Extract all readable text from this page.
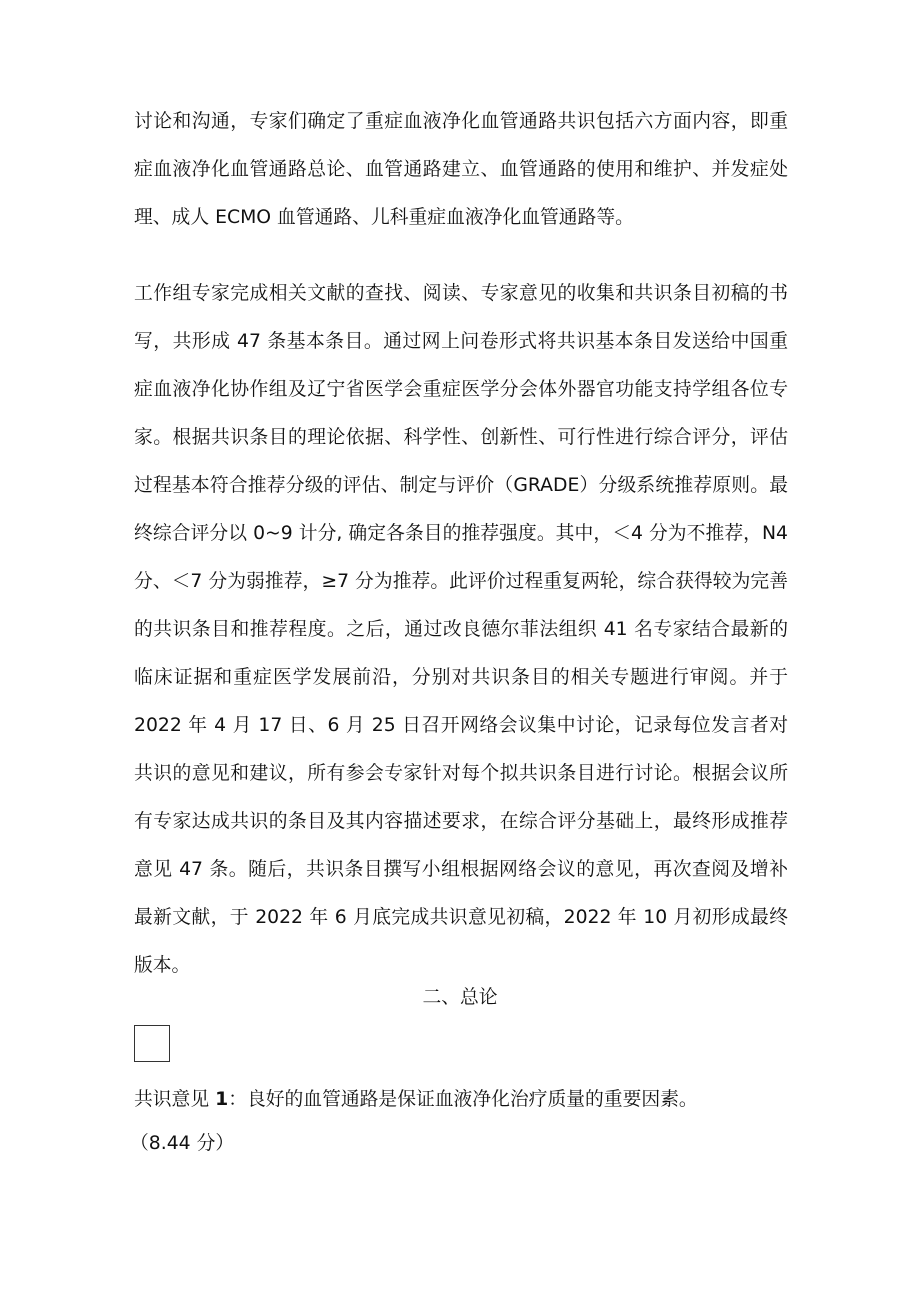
讨论和沟通，专家们确定了重症血液净化血管通路共识包括六方面内容，即重症血液净化血管通路总论、血管通路建立、血管通路的使用和维护、并发症处理、成人 ECMO 血管通路、儿科重症血液净化血管通路等。

工作组专家完成相关文献的查找、阅读、专家意见的收集和共识条目初稿的书写，共形成 47 条基本条目。通过网上问卷形式将共识基本条目发送给中国重症血液净化协作组及辽宁省医学会重症医学分会体外器官功能支持学组各位专家。根据共识条目的理论依据、科学性、创新性、可行性进行综合评分，评估过程基本符合推荐分级的评估、制定与评价（GRADE）分级系统推荐原则。最终综合评分以 0~9 计分, 确定各条目的推荐强度。其中，＜4 分为不推荐，N4 分、＜7 分为弱推荐，≥7 分为推荐。此评价过程重复两轮，综合获得较为完善的共识条目和推荐程度。之后，通过改良德尔菲法组织 41 名专家结合最新的临床证据和重症医学发展前沿，分别对共识条目的相关专题进行审阅。并于 2022 年 4 月 17 日、6 月 25 日召开网络会议集中讨论，记录每位发言者对共识的意见和建议，所有参会专家针对每个拟共识条目进行讨论。根据会议所有专家达成共识的条目及其内容描述要求，在综合评分基础上，最终形成推荐意见 47 条。随后，共识条目撰写小组根据网络会议的意见，再次查阅及增补最新文献，于 2022 年 6 月底完成共识意见初稿，2022 年 10 月初形成最终版本。

二、总论

共识意见 1：良好的血管通路是保证血液净化治疗质量的重要因素。

（8.44 分）
